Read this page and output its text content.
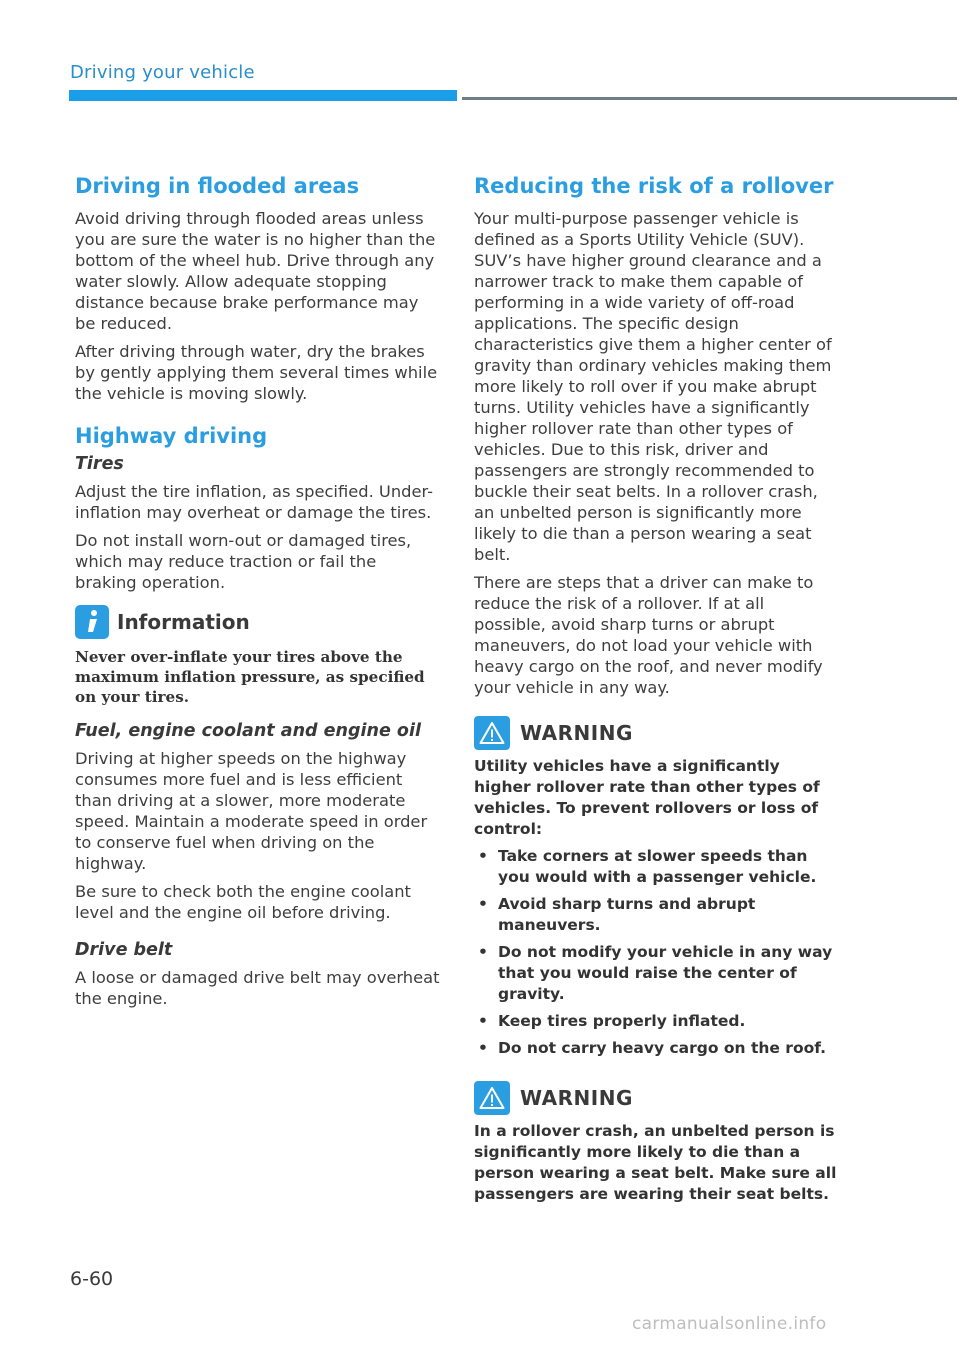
Driving your vehicle
Driving in flooded areas

Avoid driving through flooded areas unless you are sure the water is no higher than the bottom of the wheel hub. Drive through any water slowly. Allow adequate stopping distance because brake performance may be reduced.

After driving through water, dry the brakes by gently applying them several times while the vehicle is moving slowly.

Highway driving
Tires

Adjust the tire inflation, as specified. Under-inflation may overheat or damage the tires.

Do not install worn-out or damaged tires, which may reduce traction or fail the braking operation.

Information

Never over-inflate your tires above the maximum inflation pressure, as specified on your tires.

Fuel, engine coolant and engine oil

Driving at higher speeds on the highway consumes more fuel and is less efficient than driving at a slower, more moderate speed. Maintain a moderate speed in order to conserve fuel when driving on the highway.

Be sure to check both the engine coolant level and the engine oil before driving.

Drive belt

A loose or damaged drive belt may overheat the engine.

Reducing the risk of a rollover

Your multi-purpose passenger vehicle is defined as a Sports Utility Vehicle (SUV). SUV’s have higher ground clearance and a narrower track to make them capable of performing in a wide variety of off-road applications. The specific design characteristics give them a higher center of gravity than ordinary vehicles making them more likely to roll over if you make abrupt turns. Utility vehicles have a significantly higher rollover rate than other types of vehicles. Due to this risk, driver and passengers are strongly recommended to buckle their seat belts. In a rollover crash, an unbelted person is significantly more likely to die than a person wearing a seat belt.

There are steps that a driver can make to reduce the risk of a rollover. If at all possible, avoid sharp turns or abrupt maneuvers, do not load your vehicle with heavy cargo on the roof, and never modify your vehicle in any way.

WARNING

Utility vehicles have a significantly higher rollover rate than other types of vehicles. To prevent rollovers or loss of control:

• Take corners at slower speeds than you would with a passenger vehicle.
• Avoid sharp turns and abrupt maneuvers.
• Do not modify your vehicle in any way that you would raise the center of gravity.
• Keep tires properly inflated.
• Do not carry heavy cargo on the roof.
WARNING

In a rollover crash, an unbelted person is significantly more likely to die than a person wearing a seat belt. Make sure all passengers are wearing their seat belts.

6-60
carmanualsonline.info
